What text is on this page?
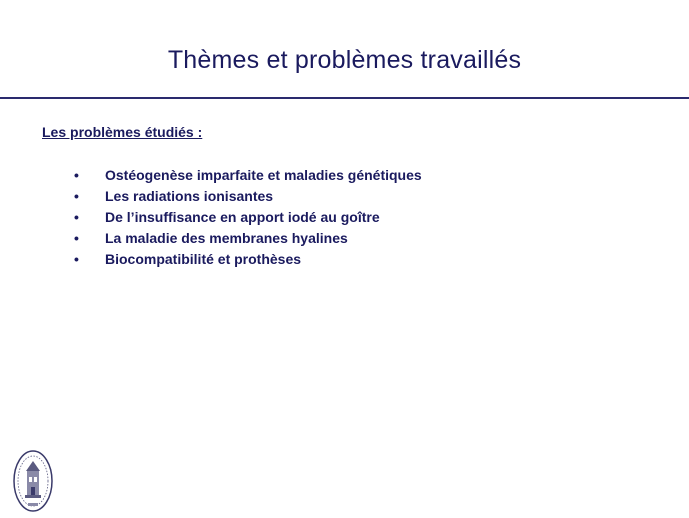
Thèmes et problèmes travaillés
Les problèmes étudiés :
•	Ostéogenèse imparfaite et maladies génétiques
•	Les radiations ionisantes
•	De l’insuffisance en apport iodé au goître
•	La maladie des membranes hyalines
•	Biocompatibilité et prothèses
